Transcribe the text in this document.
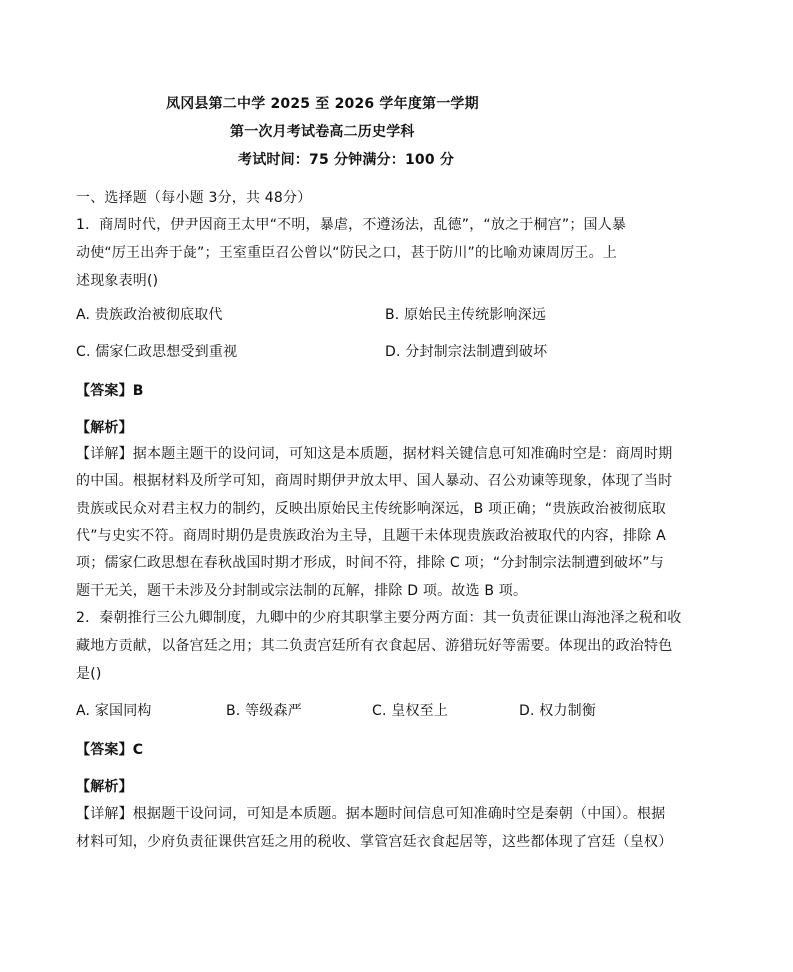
凤冈县第二中学 2025 至 2026 学年度第一学期
第一次月考试卷高二历史学科
考试时间：75 分钟满分：100 分
一、选择题（每小题 3分，共 48分）
1．商周时代，伊尹因商王太甲“不明，暴虐，不遵汤法，乱德”，“放之于桐宫”；国人暴
动使“厉王出奔于彘”；王室重臣召公曾以“防民之口，甚于防川”的比喻劝谏周厉王。上
述现象表明()
A. 贵族政治被彻底取代	B. 原始民主传统影响深远
C. 儒家仁政思想受到重视	D. 分封制宗法制遭到破坏
【答案】B
【解析】
【详解】据本题主题干的设问词，可知这是本质题，据材料关键信息可知准确时空是：商周时期
的中国。根据材料及所学可知，商周时期伊尹放太甲、国人暴动、召公劝谏等现象，体现了当时
贵族或民众对君主权力的制约，反映出原始民主传统影响深远，B 项正确；“贵族政治被彻底取
代”与史实不符。商周时期仍是贵族政治为主导，且题干未体现贵族政治被取代的内容，排除 A
项；儒家仁政思想在春秋战国时期才形成，时间不符，排除 C 项；“分封制宗法制遭到破坏”与
题干无关，题干未涉及分封制或宗法制的瓦解，排除 D 项。故选 B 项。
2．秦朝推行三公九卿制度，九卿中的少府其职掌主要分两方面：其一负责征课山海池泽之税和收
藏地方贡献，以备宫廷之用；其二负责宫廷所有衣食起居、游猎玩好等需要。体现出的政治特色
是()
A. 家国同构	B. 等级森严	C. 皇权至上	D. 权力制衡
【答案】C
【解析】
【详解】根据题干设问词，可知是本质题。据本题时间信息可知准确时空是秦朝（中国）。根据
材料可知，少府负责征课供宫廷之用的税收、掌管宫廷衣食起居等，这些都体现了宫廷（皇权）
